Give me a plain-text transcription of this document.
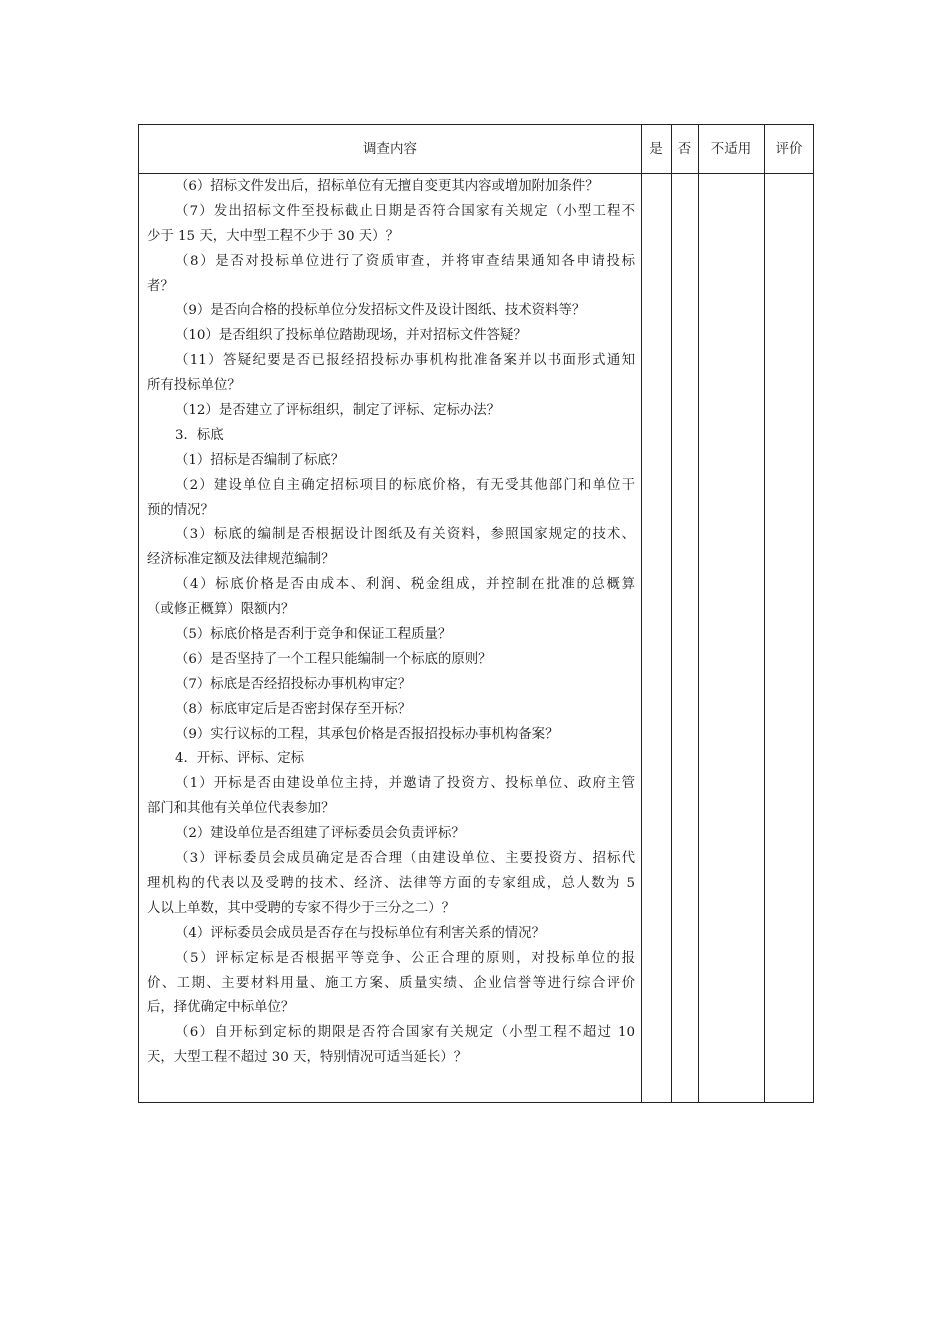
调查内容	是	否	不适用	评价
（6）招标文件发出后，招标单位有无擅自变更其内容或增加附加条件？
（7）发出招标文件至投标截止日期是否符合国家有关规定（小型工程不
少于 15 天，大中型工程不少于 30 天）？
（8）是否对投标单位进行了资质审查，并将审查结果通知各申请投标
者？
（9）是否向合格的投标单位分发招标文件及设计图纸、技术资料等？
（10）是否组织了投标单位踏勘现场，并对招标文件答疑？
（11）答疑纪要是否已报经招投标办事机构批准备案并以书面形式通知
所有投标单位？
（12）是否建立了评标组织，制定了评标、定标办法？
3．标底
（1）招标是否编制了标底？
（2）建设单位自主确定招标项目的标底价格，有无受其他部门和单位干
预的情况？
（3）标底的编制是否根据设计图纸及有关资料，参照国家规定的技术、
经济标准定额及法律规范编制？
（4）标底价格是否由成本、利润、税金组成，并控制在批准的总概算
（或修正概算）限额内？
（5）标底价格是否利于竞争和保证工程质量？
（6）是否坚持了一个工程只能编制一个标底的原则？
（7）标底是否经招投标办事机构审定？
（8）标底审定后是否密封保存至开标？
（9）实行议标的工程，其承包价格是否报招投标办事机构备案？
4．开标、评标、定标
（1）开标是否由建设单位主持，并邀请了投资方、投标单位、政府主管
部门和其他有关单位代表参加？
（2）建设单位是否组建了评标委员会负责评标？
（3）评标委员会成员确定是否合理（由建设单位、主要投资方、招标代
理机构的代表以及受聘的技术、经济、法律等方面的专家组成，总人数为 5
人以上单数，其中受聘的专家不得少于三分之二）？
（4）评标委员会成员是否存在与投标单位有利害关系的情况？
（5）评标定标是否根据平等竞争、公正合理的原则，对投标单位的报
价、工期、主要材料用量、施工方案、质量实绩、企业信誉等进行综合评价
后，择优确定中标单位？
（6）自开标到定标的期限是否符合国家有关规定（小型工程不超过 10
天，大型工程不超过 30 天，特别情况可适当延长）？
